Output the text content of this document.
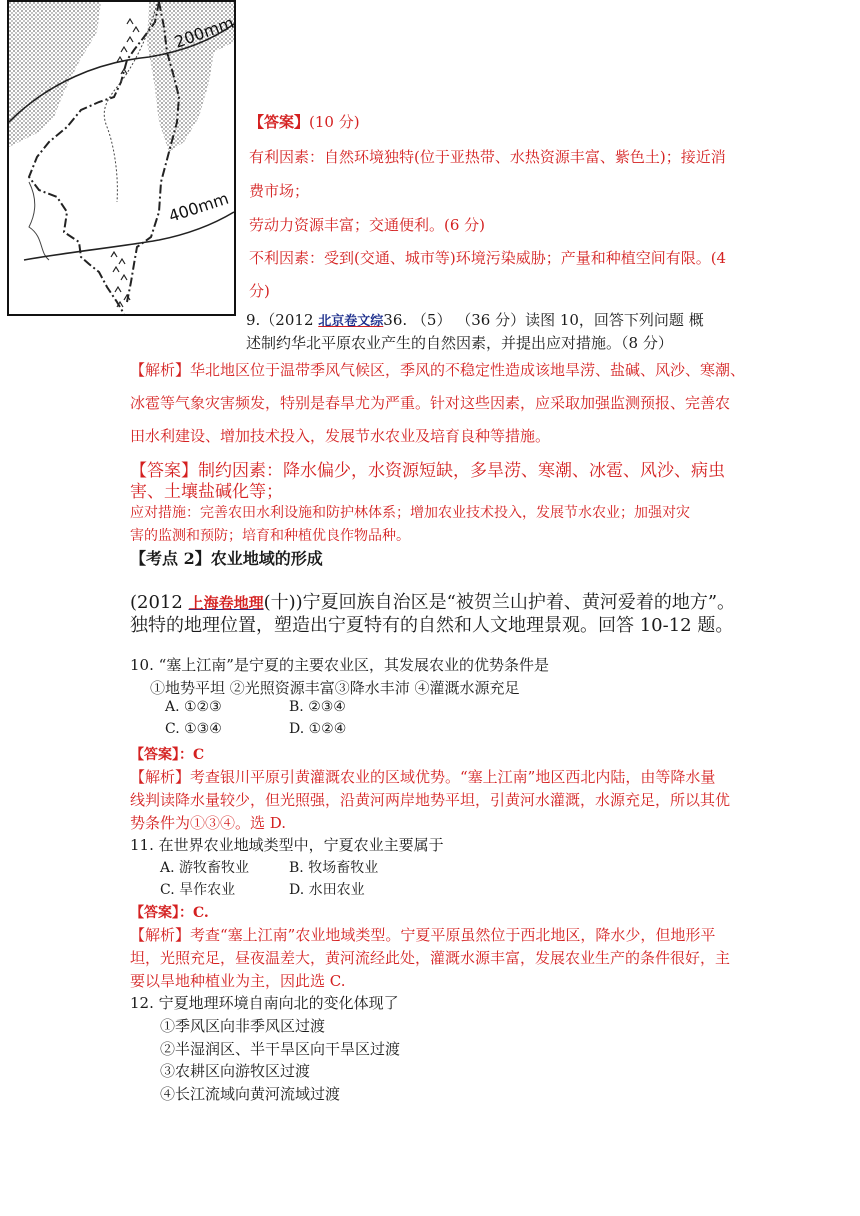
200mm
400mm
【答案】(10 分)
有利因素：自然环境独特(位于亚热带、水热资源丰富、紫色土)；接近消
费市场；
劳动力资源丰富；交通便利。(6 分)
不利因素：受到(交通、城市等)环境污染威胁；产量和种植空间有限。(4
分)
9.（2012 北京卷文综36. （5） （36 分）读图 10，回答下列问题 概
述制约华北平原农业产生的自然因素，并提出应对措施。（8 分）
【解析】华北地区位于温带季风气候区，季风的不稳定性造成该地旱涝、盐碱、风沙、寒潮、
冰雹等气象灾害频发，特别是春旱尤为严重。针对这些因素，应采取加强监测预报、完善农
田水利建设、增加技术投入，发展节水农业及培育良种等措施。
【答案】制约因素：降水偏少，水资源短缺，多旱涝、寒潮、冰雹、风沙、病虫
害、土壤盐碱化等；
应对措施：完善农田水利设施和防护林体系；增加农业技术投入，发展节水农业；加强对灾
害的监测和预防；培育和种植优良作物品种。
【考点 2】农业地域的形成
(2012 上海卷地理(十))宁夏回族自治区是“被贺兰山护着、黄河爱着的地方”。
独特的地理位置，塑造出宁夏特有的自然和人文地理景观。回答 10-12 题。
10. “塞上江南”是宁夏的主要农业区，其发展农业的优势条件是
①地势平坦 ②光照资源丰富③降水丰沛 ④灌溉水源充足
A. ①②③	B. ②③④
C. ①③④	D. ①②④
【答案】：C
【解析】考查银川平原引黄灌溉农业的区域优势。“塞上江南”地区西北内陆，由等降水量
线判读降水量较少，但光照强，沿黄河两岸地势平坦，引黄河水灌溉，水源充足，所以其优
势条件为①③④。选 D.
11. 在世界农业地域类型中，宁夏农业主要属于
A. 游牧畜牧业	B. 牧场畜牧业
C. 旱作农业	D. 水田农业
【答案】：C.
【解析】考查“塞上江南”农业地域类型。宁夏平原虽然位于西北地区，降水少，但地形平
坦，光照充足，昼夜温差大，黄河流经此处，灌溉水源丰富，发展农业生产的条件很好，主
要以旱地种植业为主，因此选 C.
12. 宁夏地理环境自南向北的变化体现了
①季风区向非季风区过渡
②半湿润区、半干旱区向干旱区过渡
③农耕区向游牧区过渡
④长江流域向黄河流域过渡
